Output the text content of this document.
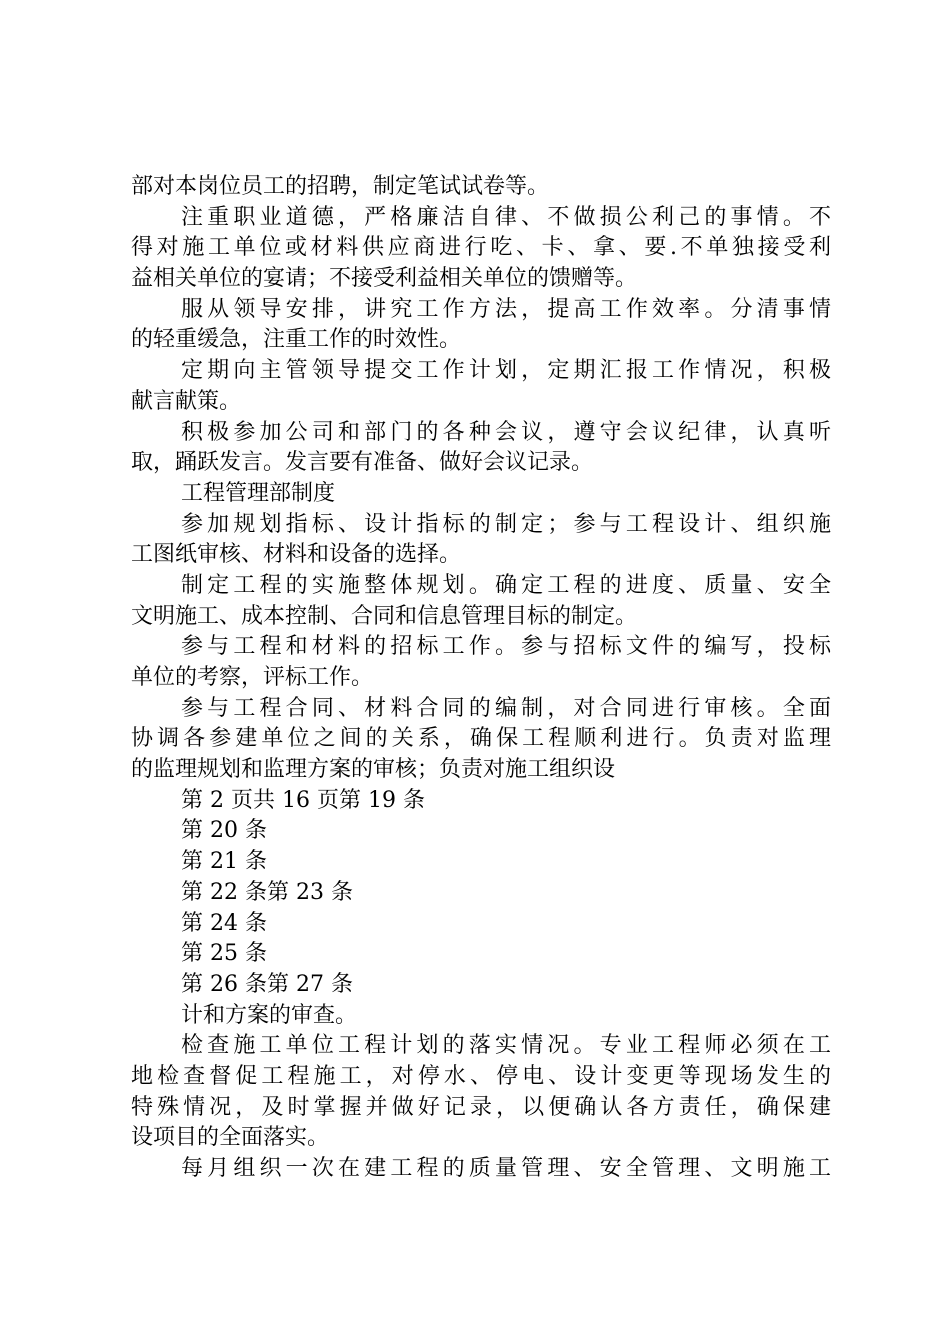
部对本岗位员工的招聘，制定笔试试卷等。
注重职业道德，严格廉洁自律、不做损公利己的事情。不
得对施工单位或材料供应商进行吃、卡、拿、要.不单独接受利
益相关单位的宴请；不接受利益相关单位的馈赠等。
服从领导安排，讲究工作方法，提高工作效率。分清事情
的轻重缓急，注重工作的时效性。
定期向主管领导提交工作计划，定期汇报工作情况，积极
献言献策。
积极参加公司和部门的各种会议，遵守会议纪律，认真听
取，踊跃发言。发言要有准备、做好会议记录。
工程管理部制度
参加规划指标、设计指标的制定；参与工程设计、组织施
工图纸审核、材料和设备的选择。
制定工程的实施整体规划。确定工程的进度、质量、安全
文明施工、成本控制、合同和信息管理目标的制定。
参与工程和材料的招标工作。参与招标文件的编写，投标
单位的考察，评标工作。
参与工程合同、材料合同的编制，对合同进行审核。全面
协调各参建单位之间的关系，确保工程顺利进行。负责对监理
的监理规划和监理方案的审核；负责对施工组织设
第 2 页共 16 页第 19 条
第 20 条
第 21 条
第 22 条第 23 条
第 24 条
第 25 条
第 26 条第 27 条
计和方案的审查。
检查施工单位工程计划的落实情况。专业工程师必须在工
地检查督促工程施工，对停水、停电、设计变更等现场发生的
特殊情况，及时掌握并做好记录，以便确认各方责任，确保建
设项目的全面落实。
每月组织一次在建工程的质量管理、安全管理、文明施工
